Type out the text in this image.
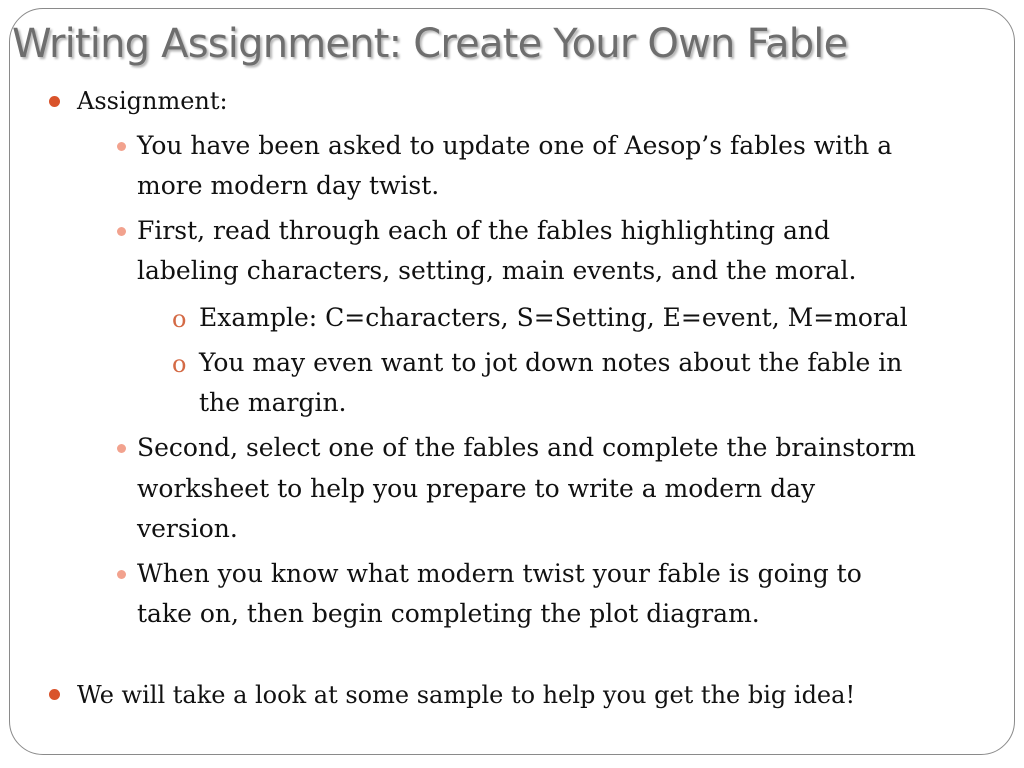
Writing Assignment: Create Your Own Fable
Assignment:
You have been asked to update one of Aesop’s fables with a
more modern day twist.
First, read through each of the fables highlighting and
labeling characters, setting, main events, and the moral.
o Example: C=characters, S=Setting, E=event, M=moral
o You may even want to jot down notes about the fable in
the margin.
Second, select one of the fables and complete the brainstorm
worksheet to help you prepare to write a modern day
version.
When you know what modern twist your fable is going to
take on, then begin completing the plot diagram.
We will take a look at some sample to help you get the big idea!
